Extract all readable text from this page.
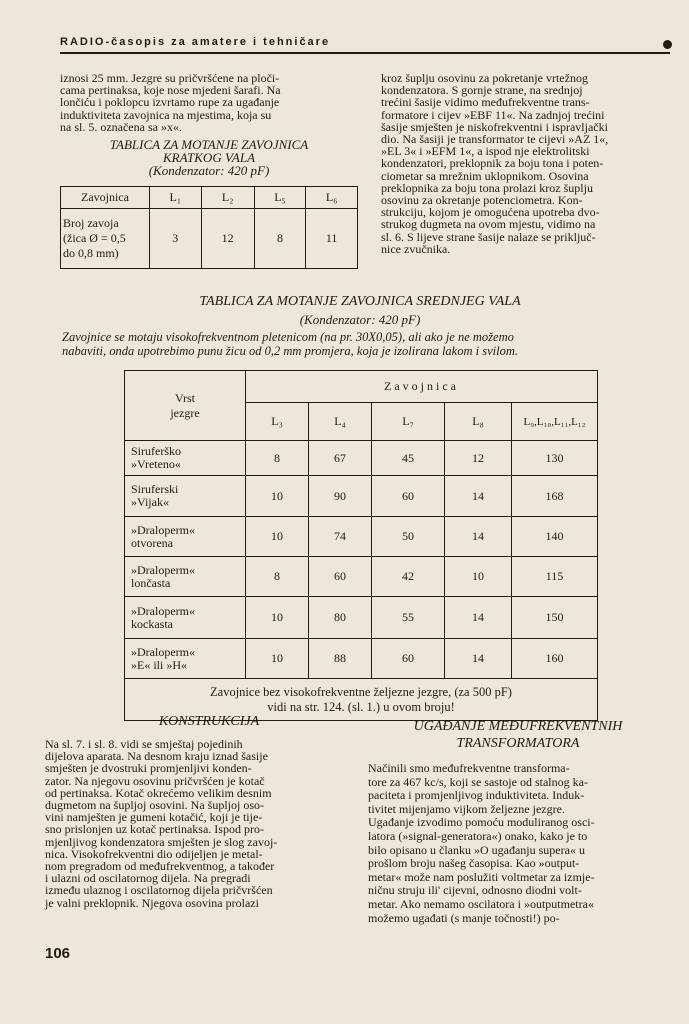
RADIO-časopis za amatere i tehničare

iznosi 25 mm. Jezgre su pričvršćene na ploči-

cama pertinaksa, koje nose mjedeni šarafi. Na

lončiću i poklopcu izvrtamo rupe za ugađanje

induktiviteta zavojnica na mjestima, koja su

na sl. 5. označena sa »x«.

TABLICA ZA MOTANJE ZAVOJNICA
KRATKOG VALA
(Kondenzator: 420 pF)
Zavojnica	L₁	L₂	L₅	L₆

Broj zavoja
(žica Ø = 0,5
do 0,8 mm)	3	12	8	11

kroz šuplju osovinu za pokretanje vrtežnog

kondenzatora. S gornje strane, na srednjoj

trećini šasije vidimo međufrekventne trans-

formatore i cijev »EBF 11«. Na zadnjoj trećini

šasije smješten je niskofrekventni i ispravljački

dio. Na šasiji je transformator te cijevi »AZ 1«,

»EL 3« i »EFM 1«, a ispod nje elektrolitski

kondenzatori, preklopnik za boju tona i poten-

ciometar sa mrežnim uklopnikom. Osovina

preklopnika za boju tona prolazi kroz šuplju

osovinu za okretanje potenciometra. Kon-

strukciju, kojom je omogućena upotreba dvo-

strukog dugmeta na ovom mjestu, vidimo na

sl. 6. S lijeve strane šasije nalaze se priključ-

nice zvučnika.

TABLICA ZA MOTANJE ZAVOJNICA SREDNJEG VALA
(Kondenzator: 420 pF)
Zavojnice se motaju visokofrekventnom pletenicom (na pr. 30X0,05), ali ako je ne možemo
nabaviti, onda upotrebimo punu žicu od 0,2 mm promjera, koja je izolirana lakom i svilom.
Vrst
jezgre	Zavojnica				
	L₃	L₄	L₇	L₈	L₉,L₁₀,L₁₁,L₁₂

Siruferško
»Vreteno«	8	67	45	12	130

Siruferski
»Vijak«	10	90	60	14	168

»Draloperm«
otvorena	10	74	50	14	140

»Draloperm«
lončasta	8	60	42	10	115

»Draloperm«
kockasta	10	80	55	14	150

»Draloperm«
»E« ili »H«	10	88	60	14	160

Zavojnice bez visokofrekventne željezne jezgre, (za 500 pF)
vidi na str. 124. (sl. 1.) u ovom broju!					
KONSTRUKCIJA

Na sl. 7. i sl. 8. vidi se smještaj pojedinih

dijelova aparata. Na desnom kraju iznad šasije

smješten je dvostruki promjenljivi konden-

zator. Na njegovu osovinu pričvršćen je kotač

od pertinaksa. Kotač okrećemo velikim desnim

dugmetom na šupljoj osovini. Na šupljoj oso-

vini namješten je gumeni kotačić, koji je tije-

sno prislonjen uz kotač pertinaksa. Ispod pro-

mjenljivog kondenzatora smješten je slog zavoj-

nica. Visokofrekventni dio odijeljen je metal-

nom pregradom od međufrekventnog, a također

i ulazni od oscilatornog dijela. Na pregradi

između ulaznog i oscilatornog dijela pričvršćen

je valni preklopnik. Njegova osovina prolazi

UGAĐANJE MEĐUFREKVENTNIH
TRANSFORMATORA

Načinili smo međufrekventne transforma-

tore za 467 kc/s, koji se sastoje od stalnog ka-

paciteta i promjenljivog induktiviteta. Induk-

tivitet mijenjamo vijkom željezne jezgre.

Ugađanje izvodimo pomoću moduliranog osci-

latora (»signal-generatora«) onako, kako je to

bilo opisano u članku »O ugađanju supera« u

prošlom broju našeg časopisa. Kao »output-

metar« može nam poslužiti voltmetar za izmje-

ničnu struju ili' cijevni, odnosno diodni volt-

metar. Ako nemamo oscilatora i »outputmetra«

možemo ugađati (s manje točnosti!) po-

106
